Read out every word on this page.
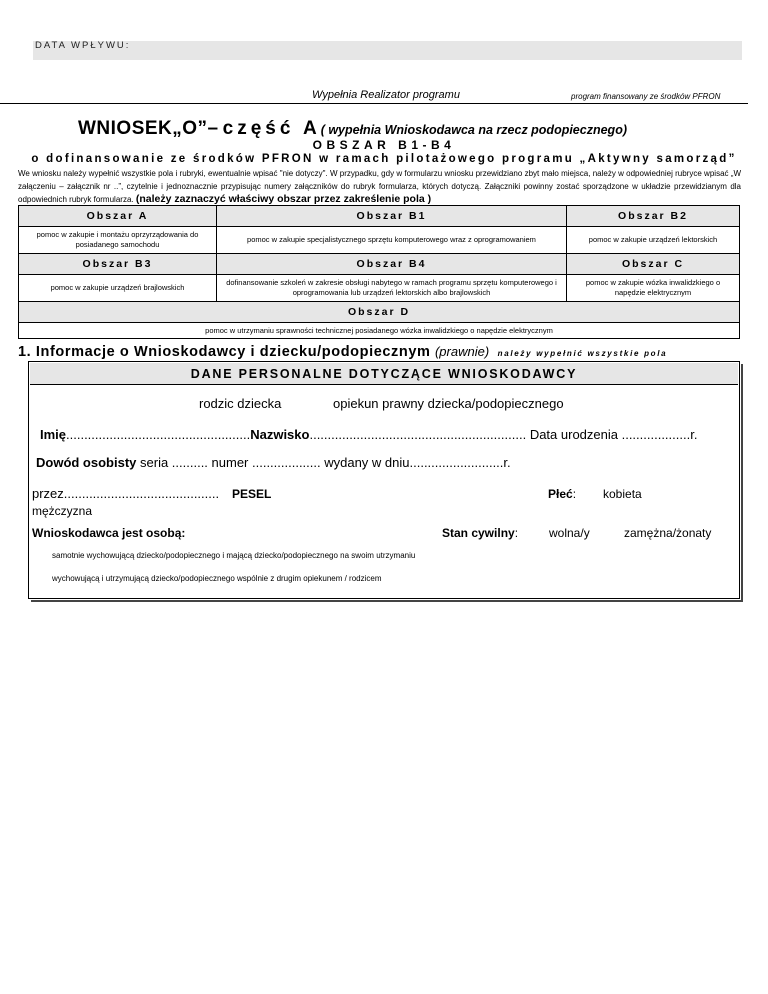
DATA WPŁYWU:
Wypełnia Realizator programu	program finansowany ze środków PFRON
WNIOSEK„O”– część A( wypełnia Wnioskodawca na rzecz podopiecznego)
OBSZAR B1-B4
o dofinansowanie ze środków PFRON w ramach pilotażowego programu „Aktywny samorząd”
We wniosku należy wypełnić wszystkie pola i rubryki, ewentualnie wpisać "nie dotyczy". W przypadku, gdy w formularzu wniosku przewidziano zbyt mało miejsca, należy w odpowiedniej rubryce wpisać „W załączeniu – załącznik nr ..”, czytelnie i jednoznacznie przypisując numery załączników do rubryk formularza, których dotyczą. Załączniki powinny zostać sporządzone w układzie przewidzianym dla odpowiednich rubryk formularza. (należy zaznaczyć właściwy obszar przez zakreślenie pola )
Obszar A	Obszar B1	Obszar B2
pomoc w zakupie i montażu oprzyrządowania do posiadanego samochodu	pomoc w zakupie specjalistycznego sprzętu komputerowego wraz z oprogramowaniem	pomoc w zakupie urządzeń lektorskich
Obszar B3	Obszar B4	Obszar C
pomoc w zakupie urządzeń brajlowskich	dofinansowanie szkoleń w zakresie obsługi nabytego w ramach programu sprzętu komputerowego i oprogramowania lub urządzeń lektorskich albo brajlowskich	pomoc w zakupie wózka inwalidzkiego o napędzie elektrycznym
Obszar D		
pomoc w utrzymaniu sprawności technicznej posiadanego wózka inwalidzkiego o napędzie elektrycznym		
1. Informacje o Wnioskodawcy i dziecku/podopiecznym (prawnie) należy wypełnić wszystkie pola
DANE PERSONALNE DOTYCZĄCE WNIOSKODAWCY
rodzic dziecka	opiekun prawny dziecka/podopiecznego
Imię...................................................Nazwisko............................................................ Data urodzenia ...................r.
Dowód osobisty seria .......... numer ................... wydany w dniu..........................r.
przez........................................... PESEL	Płeć: kobieta
mężczyzna
Wnioskodawca jest osobą:	Stan cywilny:	wolna/y	zamężna/żonaty
samotnie wychowującą dziecko/podopiecznego i mającą dziecko/podopiecznego na swoim utrzymaniu
wychowującą i utrzymującą dziecko/podopiecznego wspólnie z drugim opiekunem / rodzicem
